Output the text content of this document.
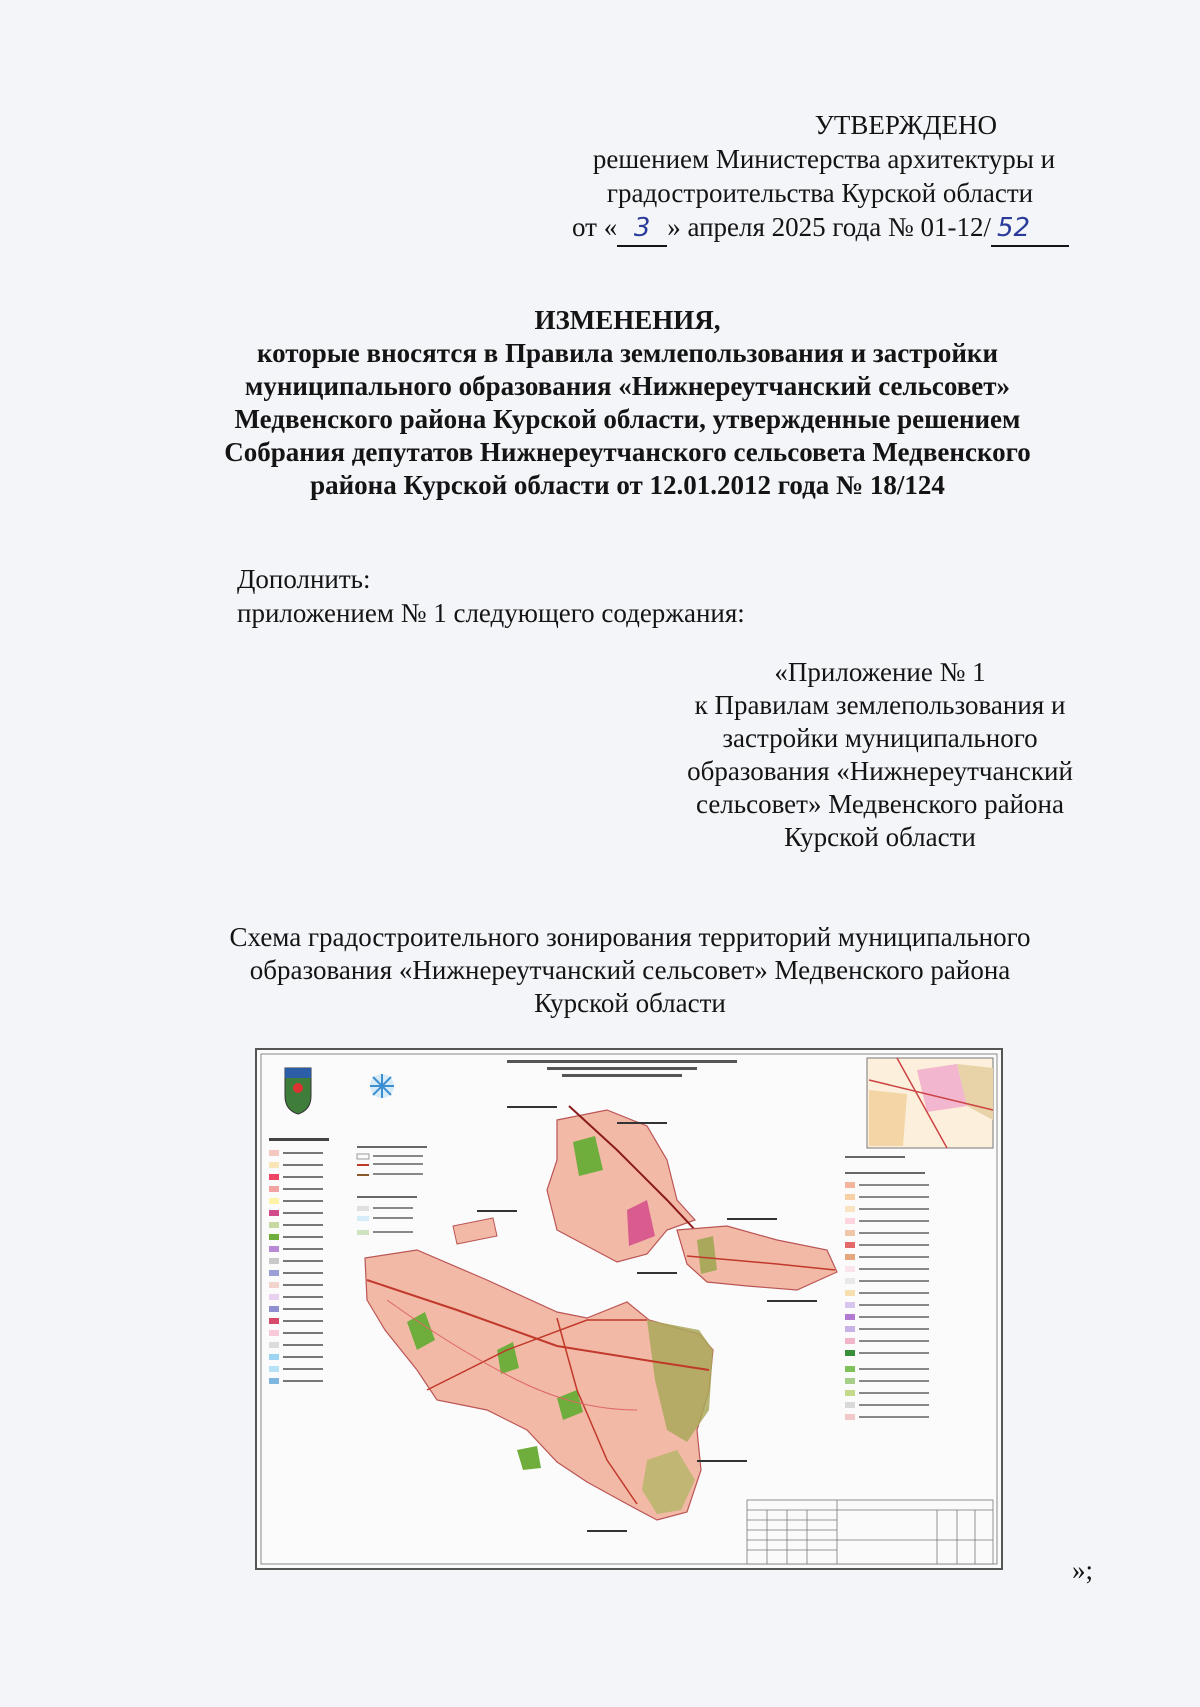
УТВЕРЖДЕНО
решением Министерства архитектуры и
градостроительства Курской области
от « 3 » апреля 2025 года № 01-12/ 52
ИЗМЕНЕНИЯ,
которые вносятся в Правила землепользования и застройки
муниципального образования «Нижнереутчанский сельсовет»
Медвенского района Курской области, утвержденные решением
Собрания депутатов Нижнереутчанского сельсовета Медвенского
района Курской области от 12.01.2012 года № 18/124
Дополнить:
приложением № 1 следующего содержания:
«Приложение № 1
к Правилам землепользования и
застройки муниципального
образования «Нижнереутчанский
сельсовет» Медвенского района
Курской области
Схема градостроительного зонирования территорий муниципального
образования «Нижнереутчанский сельсовет» Медвенского района
Курской области
»;
